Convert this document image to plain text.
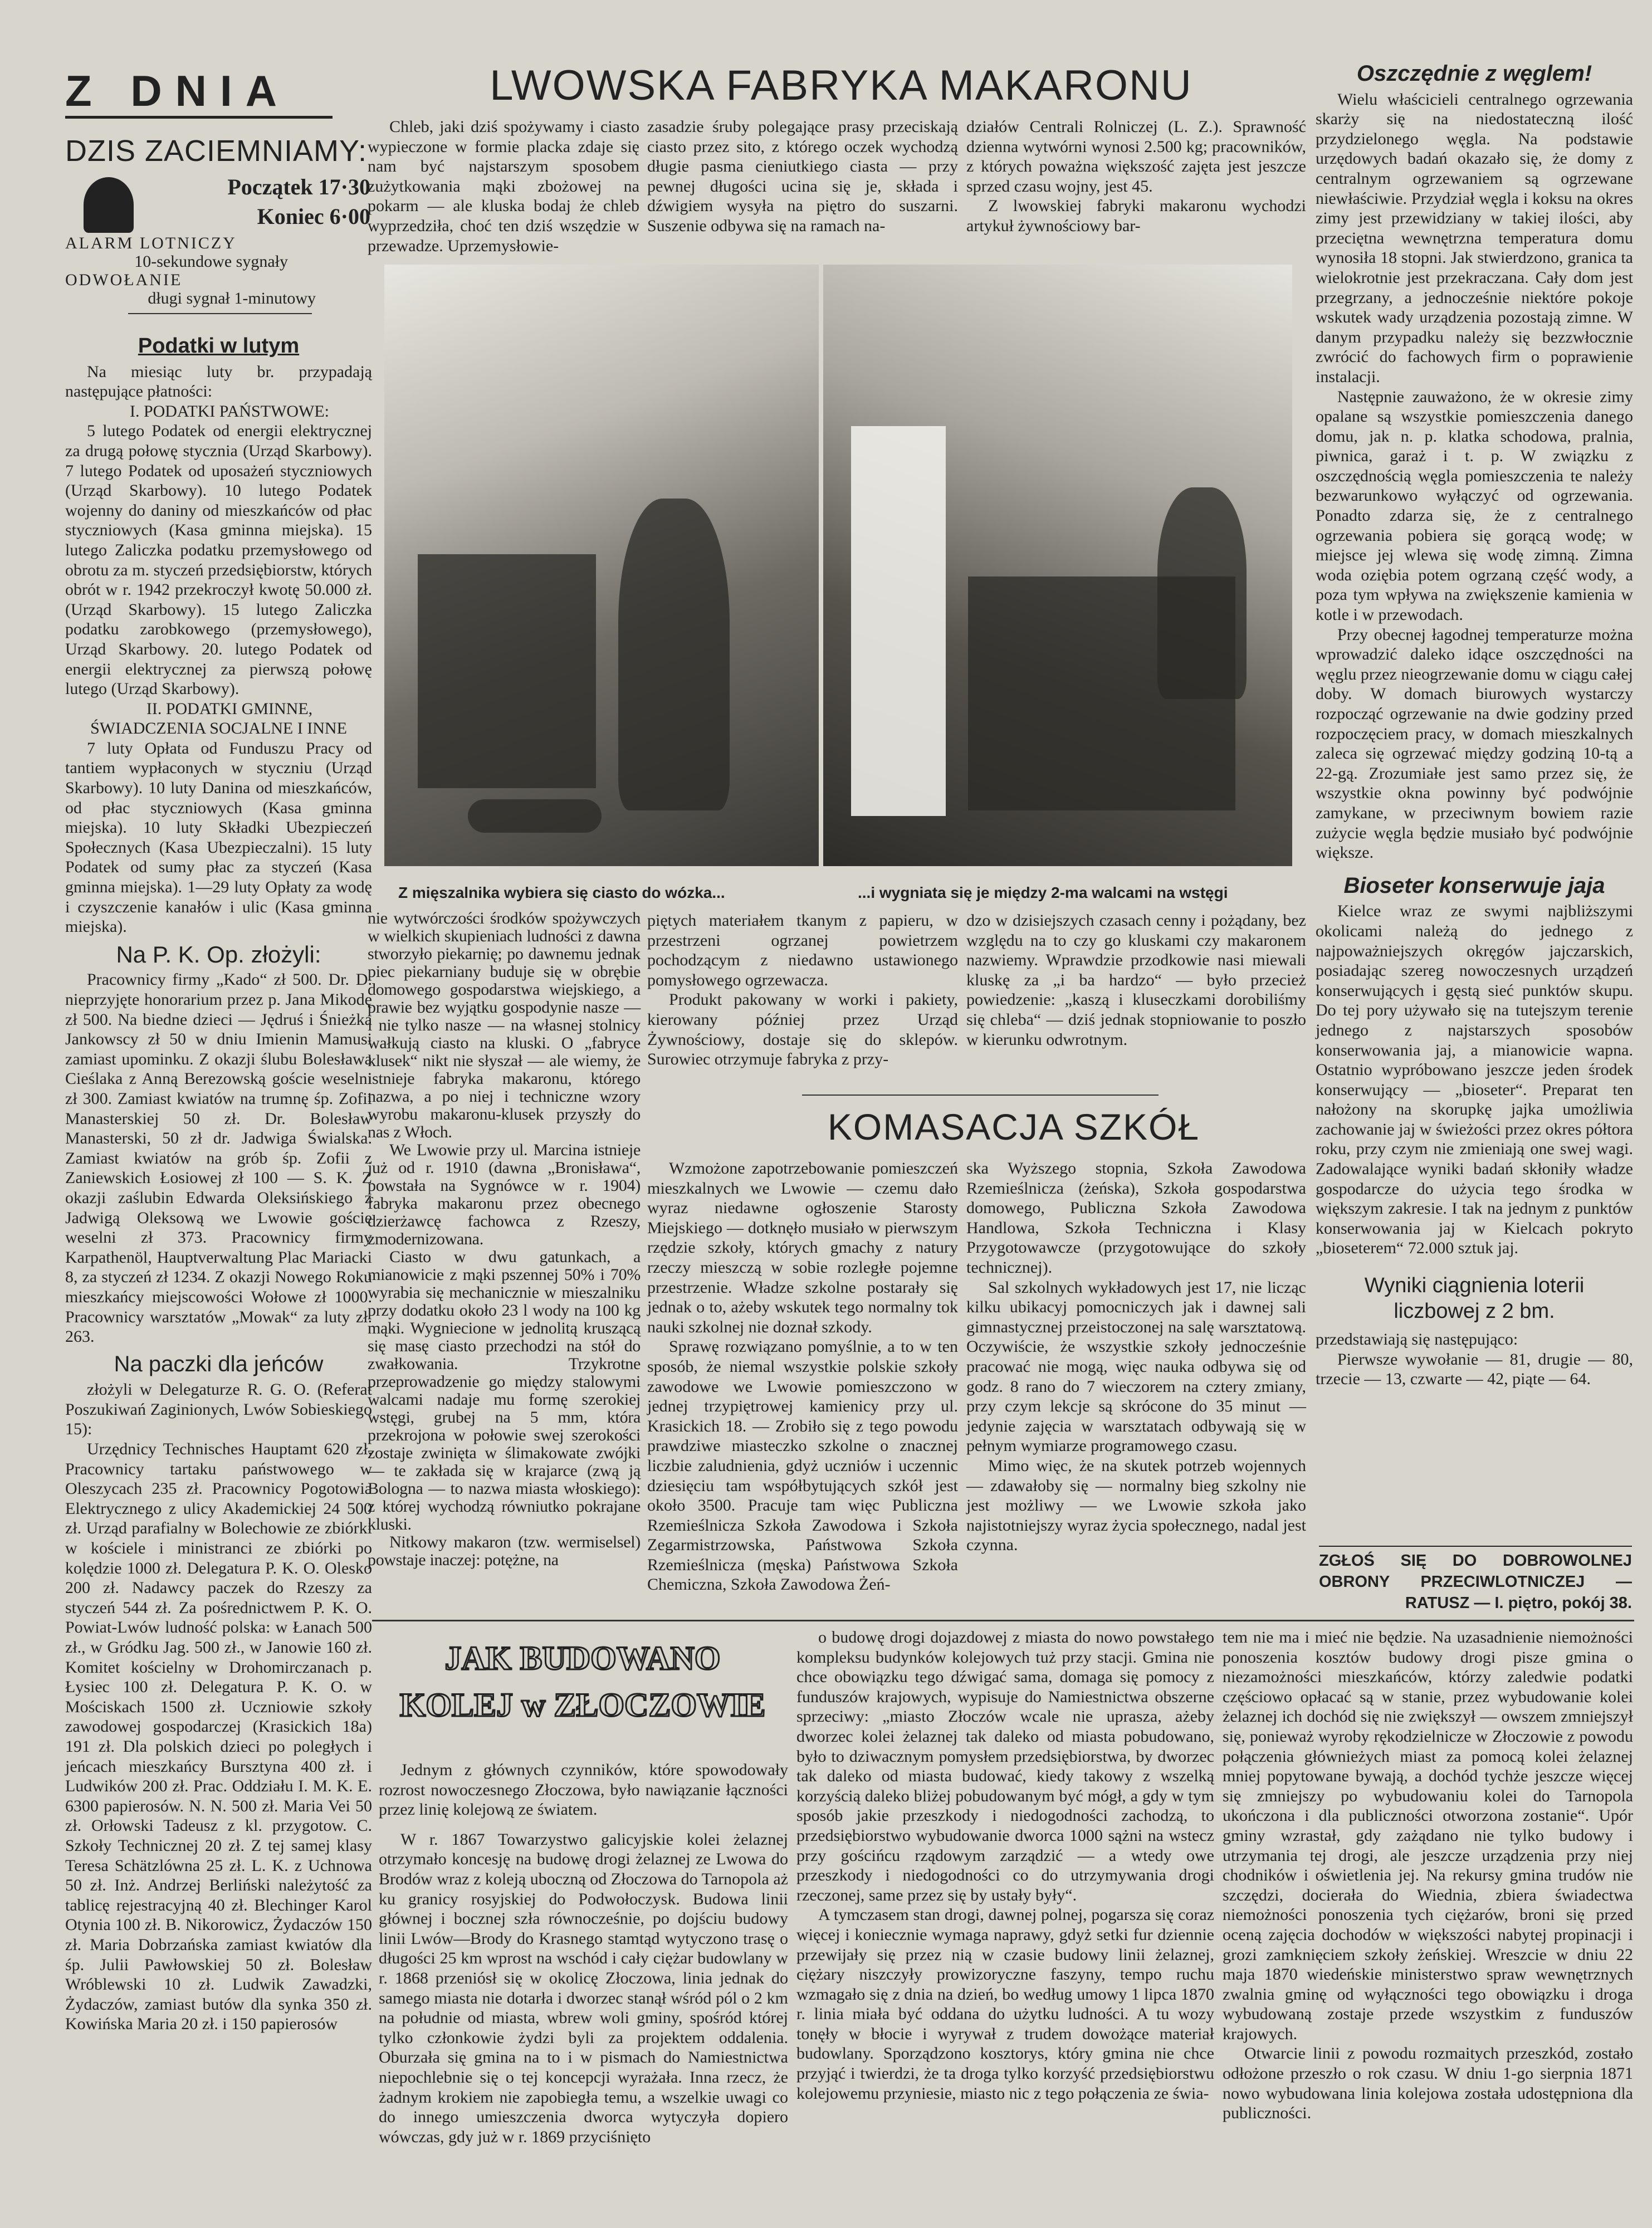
Z DNIA
DZIS ZACIEMNIAMY:
Początek 17·30
Koniec 6·00
ALARM LOTNICZY
10-sekundowe sygnały
ODWOŁANIE
długi sygnał 1-minutowy
Podatki w lutym

Na miesiąc luty br. przypadają następujące płatności:

I. PODATKI PAŃSTWOWE:

5 lutego Podatek od energii elektrycznej za drugą połowę stycznia (Urząd Skarbowy). 7 lutego Podatek od uposażeń styczniowych (Urząd Skarbowy). 10 lutego Podatek wojenny do daniny od mieszkańców od płac styczniowych (Kasa gminna miejska). 15 lutego Zaliczka podatku przemysłowego od obrotu za m. styczeń przedsiębiorstw, których obrót w r. 1942 przekroczył kwotę 50.000 zł. (Urząd Skarbowy). 15 lutego Zaliczka podatku zarobkowego (przemysłowego), Urząd Skarbowy. 20. lutego Podatek od energii elektrycznej za pierwszą połowę lutego (Urząd Skarbowy).

II. PODATKI GMINNE, ŚWIADCZENIA SOCJALNE I INNE

7 luty Opłata od Funduszu Pracy od tantiem wypłaconych w styczniu (Urząd Skarbowy). 10 luty Danina od mieszkańców, od płac styczniowych (Kasa gminna miejska). 10 luty Składki Ubezpieczeń Społecznych (Kasa Ubezpieczalni). 15 luty Podatek od sumy płac za styczeń (Kasa gminna miejska). 1—29 luty Opłaty za wodę i czyszczenie kanałów i ulic (Kasa gminna miejska).

Na P. K. Op. złożyli:

Pracownicy firmy „Kado“ zł 500. Dr. D. nieprzyjęte honorarium przez p. Jana Mikodę zł 500. Na biedne dzieci — Jędruś i Śnieżka Jankowscy zł 50 w dniu Imienin Mamusi zamiast upominku. Z okazji ślubu Bolesława Cieślaka z Anną Berezowską goście weselni zł 300. Zamiast kwiatów na trumnę śp. Zofii Manasterskiej 50 zł. Dr. Bolesław Manasterski, 50 zł dr. Jadwiga Świalska. Zamiast kwiatów na grób śp. Zofii z Zaniewskich Łosiowej zł 100 — S. K. Z okazji zaślubin Edwarda Oleksińskiego z Jadwigą Oleksową we Lwowie goście weselni zł 373. Pracownicy firmy Karpathenöl, Hauptverwaltung Plac Mariacki 8, za styczeń zł 1234. Z okazji Nowego Roku mieszkańcy miejscowości Wołowe zł 1000. Pracownicy warsztatów „Mowak“ za luty zł. 263.

Na paczki dla jeńców

złożyli w Delegaturze R. G. O. (Referat Poszukiwań Zaginionych, Lwów Sobieskiego 15):

Urzędnicy Technisches Hauptamt 620 zł. Pracownicy tartaku państwowego w Oleszycach 235 zł. Pracownicy Pogotowia Elektrycznego z ulicy Akademickiej 24 500 zł. Urząd parafialny w Bolechowie ze zbiórki w kościele i ministranci ze zbiórki po kolędzie 1000 zł. Delegatura P. K. O. Olesko 200 zł. Nadawcy paczek do Rzeszy za styczeń 544 zł. Za pośrednictwem P. K. O. Powiat-Lwów ludność polska: w Łanach 500 zł., w Gródku Jag. 500 zł., w Janowie 160 zł. Komitet kościelny w Drohomirczanach p. Łysiec 100 zł. Delegatura P. K. O. w Mościskach 1500 zł. Uczniowie szkoły zawodowej gospodarczej (Krasickich 18a) 191 zł. Dla polskich dzieci po poległych i jeńcach mieszkańcy Bursztyna 400 zł. i Ludwików 200 zł. Prac. Oddziału I. M. K. E. 6300 papierosów. N. N. 500 zł. Maria Vei 50 zł. Orłowski Tadeusz z kl. przygotow. C. Szkoły Technicznej 20 zł. Z tej samej klasy Teresa Schätzlówna 25 zł. L. K. z Uchnowa 50 zł. Inż. Andrzej Berliński należytość za tablicę rejestracyjną 40 zł. Blechinger Karol Otynia 100 zł. B. Nikorowicz, Żydaczów 150 zł. Maria Dobrzańska zamiast kwiatów dla śp. Julii Pawłowskiej 50 zł. Bolesław Wróblewski 10 zł. Ludwik Zawadzki, Żydaczów, zamiast butów dla synka 350 zł. Kowińska Maria 20 zł. i 150 papierosów

LWOWSKA FABRYKA MAKARONU

Chleb, jaki dziś spożywamy i ciasto wypieczone w formie placka zdaje się nam być najstarszym sposobem zużytkowania mąki zbożowej na pokarm — ale kluska bodaj że chleb wyprzedziła, choć ten dziś wszędzie w przewadze. Uprzemysłowie-

zasadzie śruby polegające prasy przeciskają ciasto przez sito, z którego oczek wychodzą długie pasma cieniutkiego ciasta — przy pewnej długości ucina się je, składa i dźwigiem wysyła na piętro do suszarni. Suszenie odbywa się na ramach na-

działów Centrali Rolniczej (L. Z.). Sprawność dzienna wytwórni wynosi 2.500 kg; pracowników, z których poważna większość zajęta jest jeszcze sprzed czasu wojny, jest 45.

Z lwowskiej fabryki makaronu wychodzi artykuł żywnościowy bar-

Z mięszalnika wybiera się ciasto do wózka...	...i wygniata się je między 2-ma walcami na wstęgi

nie wytwórczości środków spożywczych w wielkich skupieniach ludności z dawna stworzyło piekarnię; po dawnemu jednak piec piekarniany buduje się w obrębie domowego gospodarstwa wiejskiego, a prawie bez wyjątku gospodynie nasze — i nie tylko nasze — na własnej stolnicy wałkują ciasto na kluski. O „fabryce klusek“ nikt nie słyszał — ale wiemy, że istnieje fabryka makaronu, którego nazwa, a po niej i techniczne wzory wyrobu makaronu-klusek przyszły do nas z Włoch.

We Lwowie przy ul. Marcina istnieje już od r. 1910 (dawna „Bronisława“, powstała na Sygnówce w r. 1904) fabryka makaronu przez obecnego dzierżawcę fachowca z Rzeszy, zmodernizowana.

Ciasto w dwu gatunkach, a mianowicie z mąki pszennej 50% i 70% wyrabia się mechanicznie w mieszalniku przy dodatku około 23 l wody na 100 kg mąki. Wygniecione w jednolitą kruszącą się masę ciasto przechodzi na stół do zwałkowania. Trzykrotne przeprowadzenie go między stalowymi walcami nadaje mu formę szerokiej wstęgi, grubej na 5 mm, która przekrojona w połowie swej szerokości zostaje zwinięta w ślimakowate zwójki — te zakłada się w krajarce (zwą ją Bologna — to nazwa miasta włoskiego): z której wychodzą równiutko pokrajane kluski.

Nitkowy makaron (tzw. wermiselsel) powstaje inaczej: potężne, na

piętych materiałem tkanym z papieru, w przestrzeni ogrzanej powietrzem pochodzącym z niedawno ustawionego pomysłowego ogrzewacza.

Produkt pakowany w worki i pakiety, kierowany później przez Urząd Żywnościowy, dostaje się do sklepów. Surowiec otrzymuje fabryka z przy-

dzo w dzisiejszych czasach cenny i pożądany, bez względu na to czy go kluskami czy makaronem nazwiemy. Wprawdzie przodkowie nasi miewali kluskę za „i ba hardzo“ — było przecież powiedzenie: „kaszą i kluseczkami dorobiliśmy się chleba“ — dziś jednak stopniowanie to poszło w kierunku odwrotnym.

KOMASACJA SZKÓŁ

Wzmożone zapotrzebowanie pomieszczeń mieszkalnych we Lwowie — czemu dało wyraz niedawne ogłoszenie Starosty Miejskiego — dotknęło musiało w pierwszym rzędzie szkoły, których gmachy z natury rzeczy mieszczą w sobie rozległe pojemne przestrzenie. Władze szkolne postarały się jednak o to, ażeby wskutek tego normalny tok nauki szkolnej nie doznał szkody.

Sprawę rozwiązano pomyślnie, a to w ten sposób, że niemal wszystkie polskie szkoły zawodowe we Lwowie pomieszczono w jednej trzypiętrowej kamienicy przy ul. Krasickich 18. — Zrobiło się z tego powodu prawdziwe miasteczko szkolne o znacznej liczbie zaludnienia, gdyż uczniów i uczennic dziesięciu tam współbytujących szkół jest około 3500. Pracuje tam więc Publiczna Rzemieślnicza Szkoła Zawodowa i Szkoła Zegarmistrzowska, Państwowa Szkoła Rzemieślnicza (męska) Państwowa Szkoła Chemiczna, Szkoła Zawodowa Żeń-

ska Wyższego stopnia, Szkoła Zawodowa Rzemieślnicza (żeńska), Szkoła gospodarstwa domowego, Publiczna Szkoła Zawodowa Handlowa, Szkoła Techniczna i Klasy Przygotowawcze (przygotowujące do szkoły technicznej).

Sal szkolnych wykładowych jest 17, nie licząc kilku ubikacyj pomocniczych jak i dawnej sali gimnastycznej przeistoczonej na salę warsztatową. Oczywiście, że wszystkie szkoły jednocześnie pracować nie mogą, więc nauka odbywa się od godz. 8 rano do 7 wieczorem na cztery zmiany, przy czym lekcje są skrócone do 35 minut — jedynie zajęcia w warsztatach odbywają się w pełnym wymiarze programowego czasu.

Mimo więc, że na skutek potrzeb wojennych — zdawałoby się — normalny bieg szkolny nie jest możliwy — we Lwowie szkoła jako najistotniejszy wyraz życia społecznego, nadal jest czynna.

Oszczędnie z węglem!

Wielu właścicieli centralnego ogrzewania skarży się na niedostateczną ilość przydzielonego węgla. Na podstawie urzędowych badań okazało się, że domy z centralnym ogrzewaniem są ogrzewane niewłaściwie. Przydział węgla i koksu na okres zimy jest przewidziany w takiej ilości, aby przeciętna wewnętrzna temperatura domu wynosiła 18 stopni. Jak stwierdzono, granica ta wielokrotnie jest przekraczana. Cały dom jest przegrzany, a jednocześnie niektóre pokoje wskutek wady urządzenia pozostają zimne. W danym przypadku należy się bezzwłocznie zwrócić do fachowych firm o poprawienie instalacji.

Następnie zauważono, że w okresie zimy opalane są wszystkie pomieszczenia danego domu, jak n. p. klatka schodowa, pralnia, piwnica, garaż i t. p. W związku z oszczędnością węgla pomieszczenia te należy bezwarunkowo wyłączyć od ogrzewania. Ponadto zdarza się, że z centralnego ogrzewania pobiera się gorącą wodę; w miejsce jej wlewa się wodę zimną. Zimna woda oziębia potem ogrzaną część wody, a poza tym wpływa na zwiększenie kamienia w kotle i w przewodach.

Przy obecnej łagodnej temperaturze można wprowadzić daleko idące oszczędności na węglu przez nieogrzewanie domu w ciągu całej doby. W domach biurowych wystarczy rozpocząć ogrzewanie na dwie godziny przed rozpoczęciem pracy, w domach mieszkalnych zaleca się ogrzewać między godziną 10-tą a 22-gą. Zrozumiałe jest samo przez się, że wszystkie okna powinny być podwójnie zamykane, w przeciwnym bowiem razie zużycie węgla będzie musiało być podwójnie większe.

Bioseter konserwuje jaja

Kielce wraz ze swymi najbliższymi okolicami należą do jednego z najpoważniejszych okręgów jajczarskich, posiadając szereg nowoczesnych urządzeń konserwujących i gęstą sieć punktów skupu. Do tej pory używało się na tutejszym terenie jednego z najstarszych sposobów konserwowania jaj, a mianowicie wapna. Ostatnio wypróbowano jeszcze jeden środek konserwujący — „bioseter“. Preparat ten nałożony na skorupkę jajka umożliwia zachowanie jaj w świeżości przez okres półtora roku, przy czym nie zmieniają one swej wagi. Zadowalające wyniki badań skłoniły władze gospodarcze do użycia tego środka w większym zakresie. I tak na jednym z punktów konserwowania jaj w Kielcach pokryto „bioseterem“ 72.000 sztuk jaj.

Wyniki ciągnienia loterii liczbowej z 2 bm.

przedstawiają się następująco:

Pierwsze wywołanie — 81, drugie — 80, trzecie — 13, czwarte — 42, piąte — 64.

ZGŁOŚ SIĘ DO DOBROWOLNEJ OBRONY PRZECIWLOTNICZEJ — RATUSZ — I. piętro, pokój 38.
JAK BUDOWANO
KOLEJ w ZŁOCZOWIE

Jednym z głównych czynników, które spowodowały rozrost nowoczesnego Złoczowa, było nawiązanie łączności przez linię kolejową ze światem.

W r. 1867 Towarzystwo galicyjskie kolei żelaznej otrzymało koncesję na budowę drogi żelaznej ze Lwowa do Brodów wraz z koleją uboczną od Złoczowa do Tarnopola aż ku granicy rosyjskiej do Podwołoczysk. Budowa linii głównej i bocznej szła równocześnie, po dojściu budowy linii Lwów—Brody do Krasnego stamtąd wytyczono trasę o długości 25 km wprost na wschód i cały ciężar budowlany w r. 1868 przeniósł się w okolicę Złoczowa, linia jednak do samego miasta nie dotarła i dworzec stanął wśród pól o 2 km na południe od miasta, wbrew woli gminy, spośród której tylko członkowie żydzi byli za projektem oddalenia. Oburzała się gmina na to i w pismach do Namiestnictwa niepochlebnie się o tej koncepcji wyrażała. Inna rzecz, że żadnym krokiem nie zapobiegła temu, a wszelkie uwagi co do innego umieszczenia dworca wytyczyła dopiero wówczas, gdy już w r. 1869 przyciśnięto

o budowę drogi dojazdowej z miasta do nowo powstałego kompleksu budynków kolejowych tuż przy stacji. Gmina nie chce obowiązku tego dźwigać sama, domaga się pomocy z funduszów krajowych, wypisuje do Namiestnictwa obszerne sprzeciwy: „miasto Złoczów wcale nie uprasza, ażeby dworzec kolei żelaznej tak daleko od miasta pobudowano, było to dziwacznym pomysłem przedsiębiorstwa, by dworzec tak daleko od miasta budować, kiedy takowy z wszelką korzyścią daleko bliżej pobudowanym być mógł, a gdy w tym sposób jakie przeszkody i niedogodności zachodzą, to przedsiębiorstwo wybudowanie dworca 1000 sążni na wstecz przy gościńcu rządowym zarządzić — a wtedy owe przeszkody i niedogodności co do utrzymywania drogi rzeczonej, same przez się by ustały były“.

A tymczasem stan drogi, dawnej polnej, pogarsza się coraz więcej i koniecznie wymaga naprawy, gdyż setki fur dziennie przewijały się przez nią w czasie budowy linii żelaznej, ciężary niszczyły prowizoryczne faszyny, tempo ruchu wzmagało się z dnia na dzień, bo według umowy 1 lipca 1870 r. linia miała być oddana do użytku ludności. A tu wozy tonęły w błocie i wyrywał z trudem dowożące materiał budowlany. Sporządzono kosztorys, który gmina nie chce przyjąć i twierdzi, że ta droga tylko korzyść przedsiębiorstwu kolejowemu przyniesie, miasto nic z tego połączenia ze świa-

tem nie ma i mieć nie będzie. Na uzasadnienie niemożności ponoszenia kosztów budowy drogi pisze gmina o niezamożności mieszkańców, którzy zaledwie podatki częściowo opłacać są w stanie, przez wybudowanie kolei żelaznej ich dochód się nie zwiększył — owszem zmniejszył się, ponieważ wyroby rękodzielnicze w Złoczowie z powodu połączenia głównieżych miast za pomocą kolei żelaznej mniej popytowane bywają, a dochód tychże jeszcze więcej się zmniejszy po wybudowaniu kolei do Tarnopola ukończona i dla publiczności otworzona zostanie“. Upór gminy wzrastał, gdy zażądano nie tylko budowy i utrzymania tej drogi, ale jeszcze urządzenia przy niej chodników i oświetlenia jej. Na rekursy gmina trudów nie szczędzi, docierała do Wiednia, zbiera świadectwa niemożności ponoszenia tych ciężarów, broni się przed oceną zajęcia dochodów w większości nabytej propinacji i grozi zamknięciem szkoły żeńskiej. Wreszcie w dniu 22 maja 1870 wiedeńskie ministerstwo spraw wewnętrznych zwalnia gminę od wyłączności tego obowiązku i droga wybudowaną zostaje przede wszystkim z funduszów krajowych.

Otwarcie linii z powodu rozmaitych przeszkód, zostało odłożone przeszło o rok czasu. W dniu 1-go sierpnia 1871 nowo wybudowana linia kolejowa została udostępniona dla publiczności.
